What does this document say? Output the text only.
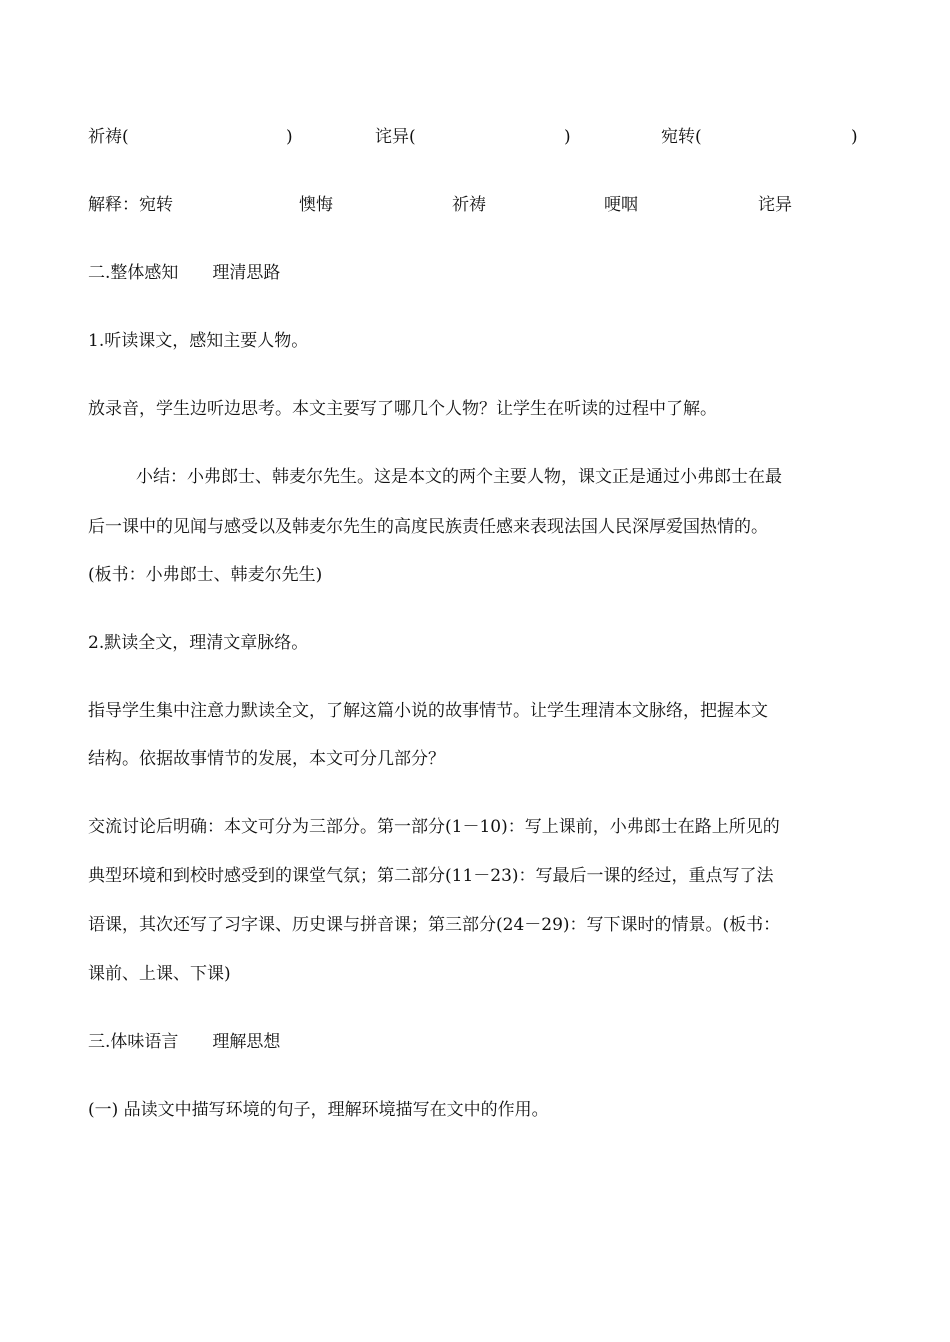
祈祷(	)	诧异(	)	宛转(	)
解释：宛转	懊悔	祈祷	哽咽	诧异
二.整体感知　　理清思路
1.听读课文，感知主要人物。
放录音，学生边听边思考。本文主要写了哪几个人物？让学生在听读的过程中了解。
小结：小弗郎士、韩麦尔先生。这是本文的两个主要人物，课文正是通过小弗郎士在最
后一课中的见闻与感受以及韩麦尔先生的高度民族责任感来表现法国人民深厚爱国热情的。
(板书：小弗郎士、韩麦尔先生)
2.默读全文，理清文章脉络。
指导学生集中注意力默读全文，了解这篇小说的故事情节。让学生理清本文脉络，把握本文
结构。依据故事情节的发展，本文可分几部分？
交流讨论后明确：本文可分为三部分。第一部分(1－10)：写上课前，小弗郎士在路上所见的
典型环境和到校时感受到的课堂气氛；第二部分(11－23)：写最后一课的经过，重点写了法
语课，其次还写了习字课、历史课与拼音课；第三部分(24－29)：写下课时的情景。(板书：
课前、上课、下课)
三.体味语言　　理解思想
(一) 品读文中描写环境的句子，理解环境描写在文中的作用。
